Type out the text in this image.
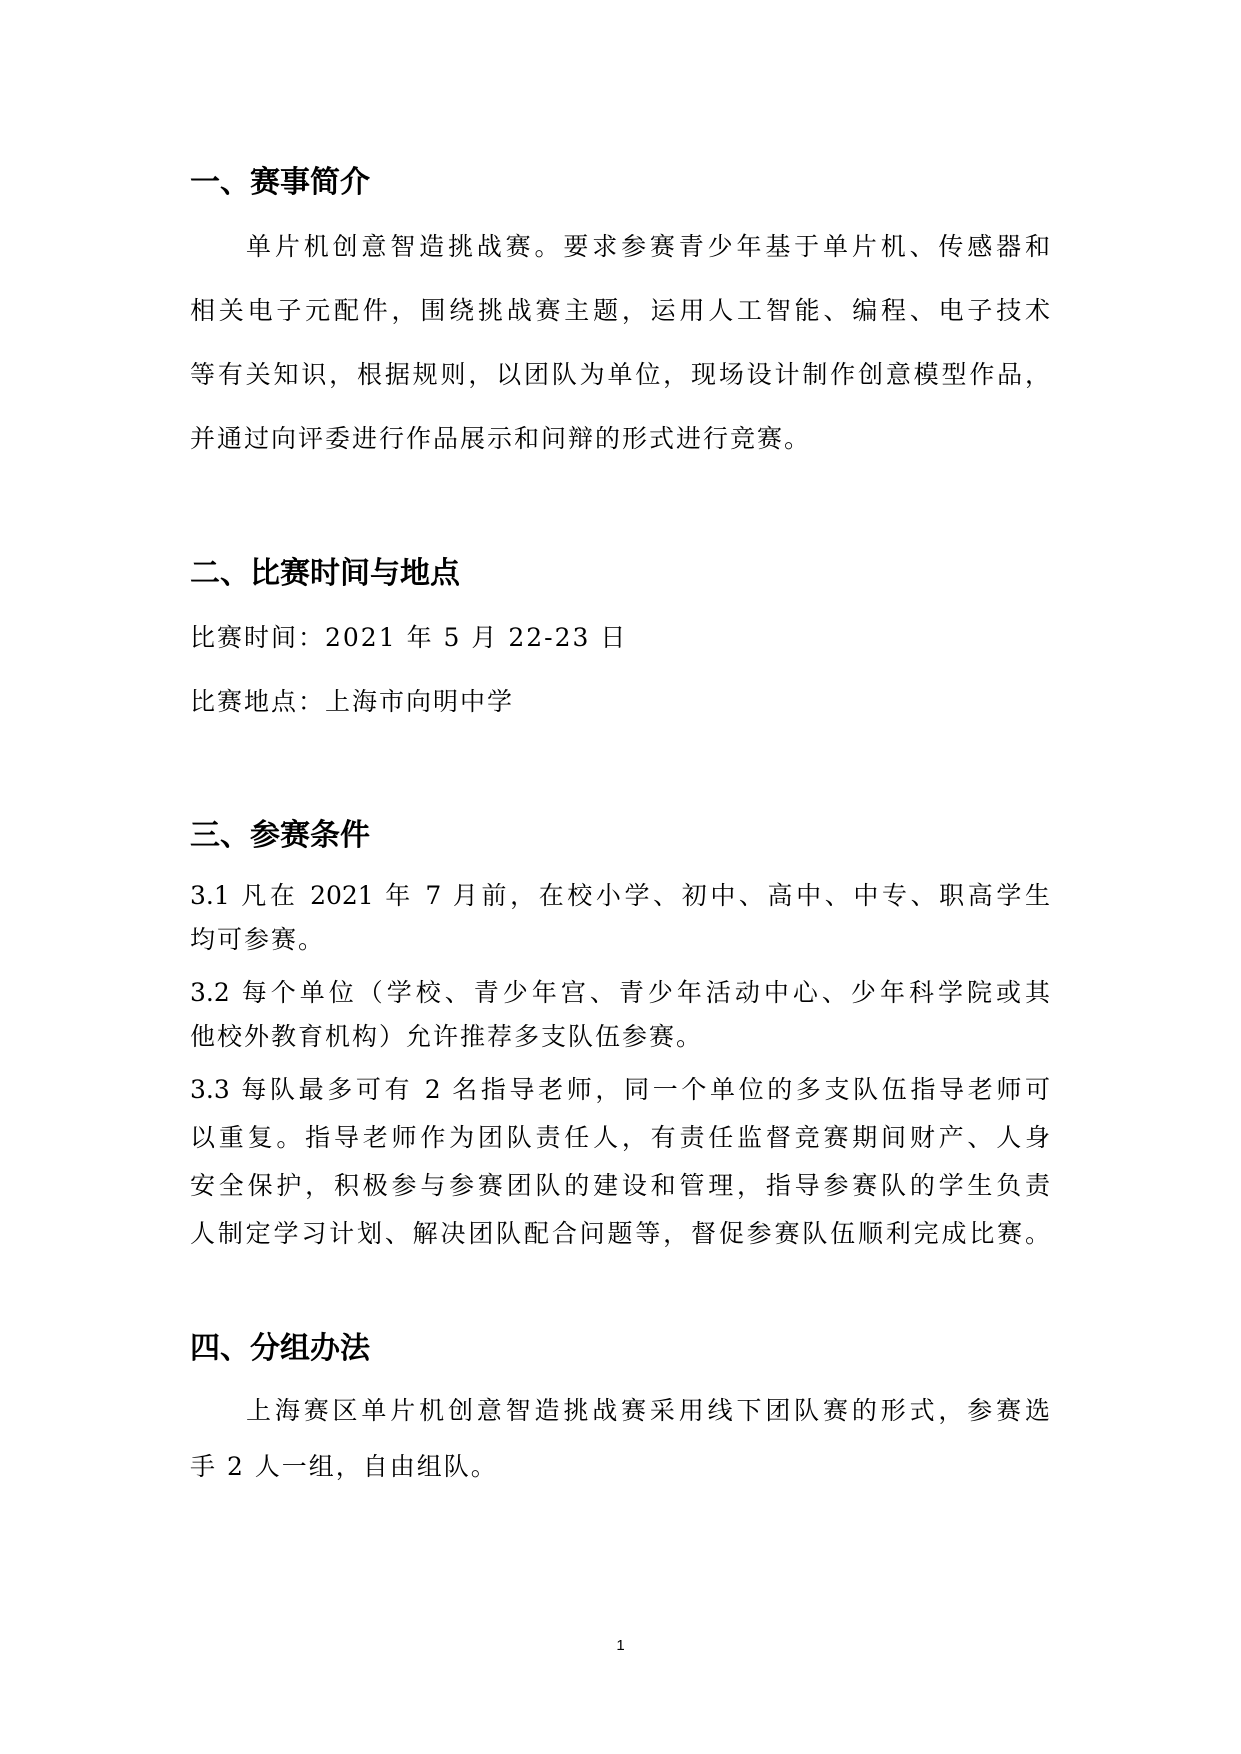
一、赛事简介

单片机创意智造挑战赛。要求参赛青少年基于单片机、传感器和

相关电子元配件，围绕挑战赛主题，运用人工智能、编程、电子技术

等有关知识，根据规则，以团队为单位，现场设计制作创意模型作品，

并通过向评委进行作品展示和问辩的形式进行竞赛。

二、比赛时间与地点

比赛时间：2021 年 5 月 22-23 日

比赛地点：上海市向明中学

三、参赛条件

3.1 凡在 2021 年 7 月前，在校小学、初中、高中、中专、职高学生

均可参赛。

3.2 每个单位（学校、青少年宫、青少年活动中心、少年科学院或其

他校外教育机构）允许推荐多支队伍参赛。

3.3 每队最多可有 2 名指导老师，同一个单位的多支队伍指导老师可

以重复。指导老师作为团队责任人，有责任监督竞赛期间财产、人身

安全保护，积极参与参赛团队的建设和管理，指导参赛队的学生负责

人制定学习计划、解决团队配合问题等，督促参赛队伍顺利完成比赛。

四、分组办法

上海赛区单片机创意智造挑战赛采用线下团队赛的形式，参赛选

手 2 人一组，自由组队。

1
